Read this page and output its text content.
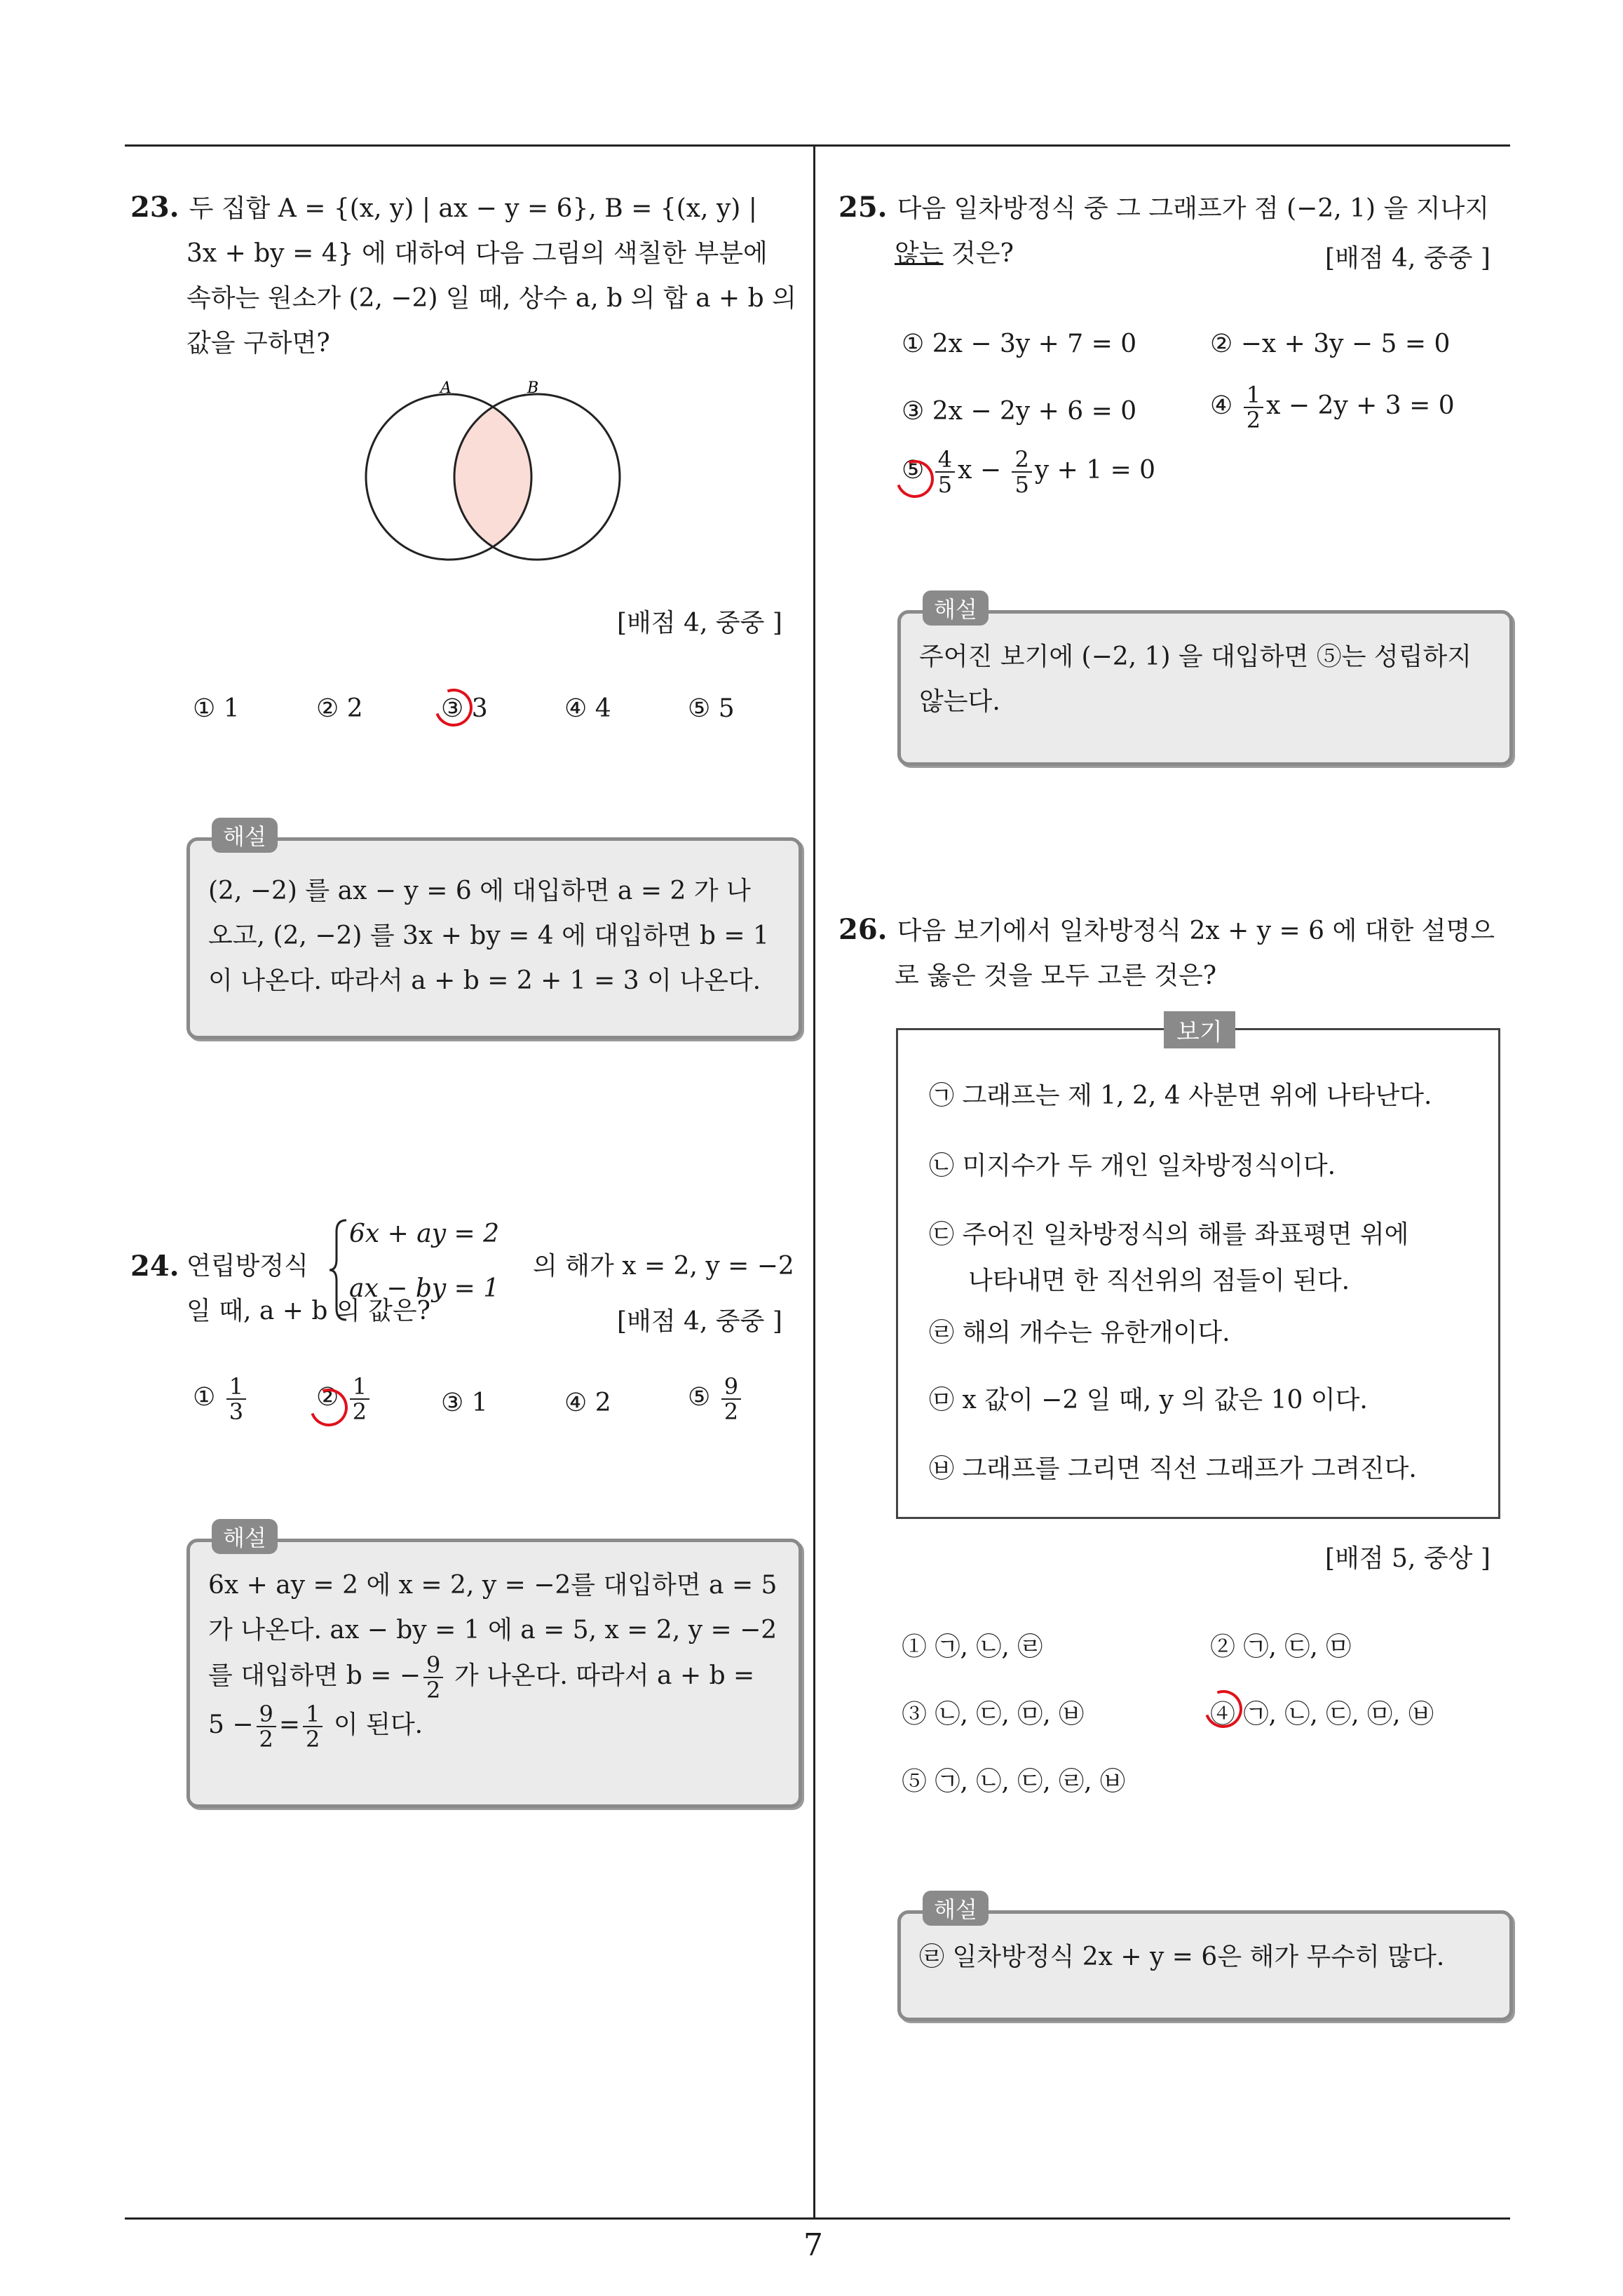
23. 두 집합 A = {(x, y) | ax − y = 6}, B = {(x, y) |
3x + by = 4} 에 대하여 다음 그림의 색칠한 부분에
속하는 원소가 (2, −2) 일 때, 상수 a, b 의 합 a + b 의
값을 구하면?
A	B
[배점 4, 중중 ]
① 1	② 2	③ 3	④ 4	⑤ 5
(2, −2) 를 ax − y = 6 에 대입하면 a = 2 가 나
오고, (2, −2) 를 3x + by = 4 에 대입하면 b = 1
이 나온다. 따라서 a + b = 2 + 1 = 3 이 나온다.
해설
24. 연립방정식
6x + ay = 2
ax − by = 1
의 해가 x = 2, y = −2
일 때, a + b 의 값은?	[배점 4, 중중 ]
① $\frac{1}{3}$	② $\frac{1}{2}$	③ 1	④ 2	⑤ $\frac{9}{2}$
6x + ay = 2 에 x = 2, y = −2를 대입하면 a = 5
가 나온다. ax − by = 1 에 a = 5, x = 2, y = −2
를 대입하면 b = − $\frac{9}{2}$ 가 나온다. 따라서 a + b =
$5 - \frac{9}{2} = \frac{1}{2}$ 이 된다.
해설
25. 다음 일차방정식 중 그 그래프가 점 (−2, 1) 을 지나지
않는 것은?	[배점 4, 중중 ]
① 2x − 3y + 7 = 0	② −x + 3y − 5 = 0
③ 2x − 2y + 6 = 0	④ $\frac{1}{2}$ x − 2y + 3 = 0
⑤ $\frac{4}{5}$ $x - \frac{2}{5}$ y + 1 = 0
주어진 보기에 (−2, 1) 을 대입하면 ⑤는 성립하지
않는다.
해설
26. 다음 보기에서 일차방정식 2x + y = 6 에 대한 설명으
로 옳은 것을 모두 고른 것은?
㉠ 그래프는 제 1, 2, 4 사분면 위에 나타난다.
㉡ 미지수가 두 개인 일차방정식이다.
㉢ 주어진 일차방정식의 해를 좌표평면 위에
나타내면 한 직선위의 점들이 된다.
㉣ 해의 개수는 유한개이다.
㉤ x 값이 −2 일 때, y 의 값은 10 이다.
㉥ 그래프를 그리면 직선 그래프가 그려진다.
보기
[배점 5, 중상 ]
① ㉠, ㉡, ㉣	② ㉠, ㉢, ㉤
③ ㉡, ㉢, ㉤, ㉥	④ ㉠, ㉡, ㉢, ㉤, ㉥
⑤ ㉠, ㉡, ㉢, ㉣, ㉥
㉣ 일차방정식 2x + y = 6은 해가 무수히 많다.
해설
7
